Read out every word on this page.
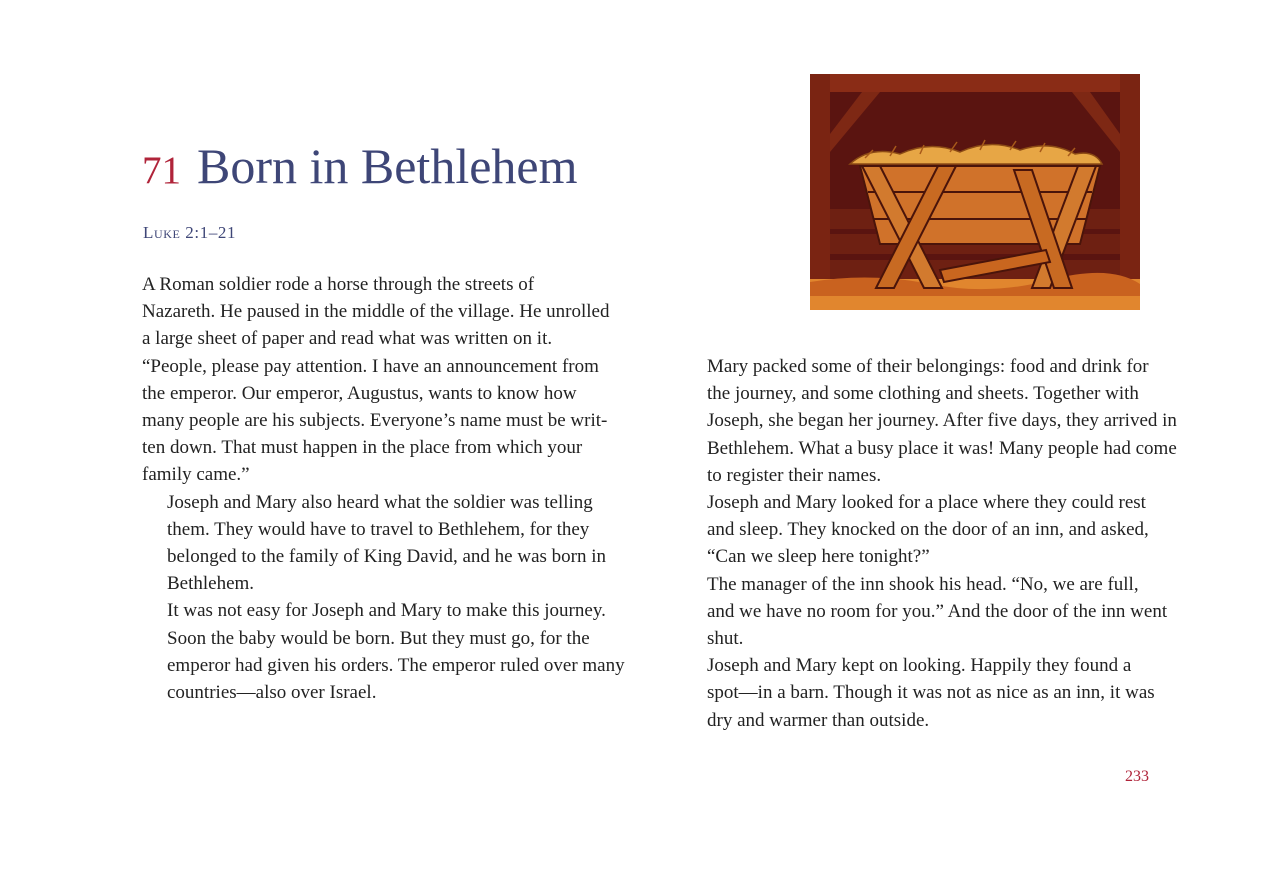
71 Born in Bethlehem
Luke 2:1–21

A Roman soldier rode a horse through the streets of
Nazareth. He paused in the middle of the village. He unrolled
a large sheet of paper and read what was written on it.
“People, please pay attention. I have an announcement from
the emperor. Our emperor, Augustus, wants to know how
many people are his subjects. Everyone’s name must be writ-
ten down. That must happen in the place from which your
family came.”

Joseph and Mary also heard what the soldier was telling
them. They would have to travel to Bethlehem, for they
belonged to the family of King David, and he was born in
Bethlehem.

It was not easy for Joseph and Mary to make this journey.
Soon the baby would be born. But they must go, for the
emperor had given his orders. The emperor ruled over many
countries—also over Israel.

Mary packed some of their belongings: food and drink for
the journey, and some clothing and sheets. Together with
Joseph, she began her journey. After five days, they arrived in
Bethlehem. What a busy place it was! Many people had come
to register their names.

Joseph and Mary looked for a place where they could rest
and sleep. They knocked on the door of an inn, and asked,
“Can we sleep here tonight?”

The manager of the inn shook his head. “No, we are full,
and we have no room for you.” And the door of the inn went
shut.

Joseph and Mary kept on looking. Happily they found a
spot—in a barn. Though it was not as nice as an inn, it was
dry and warmer than outside.

233
